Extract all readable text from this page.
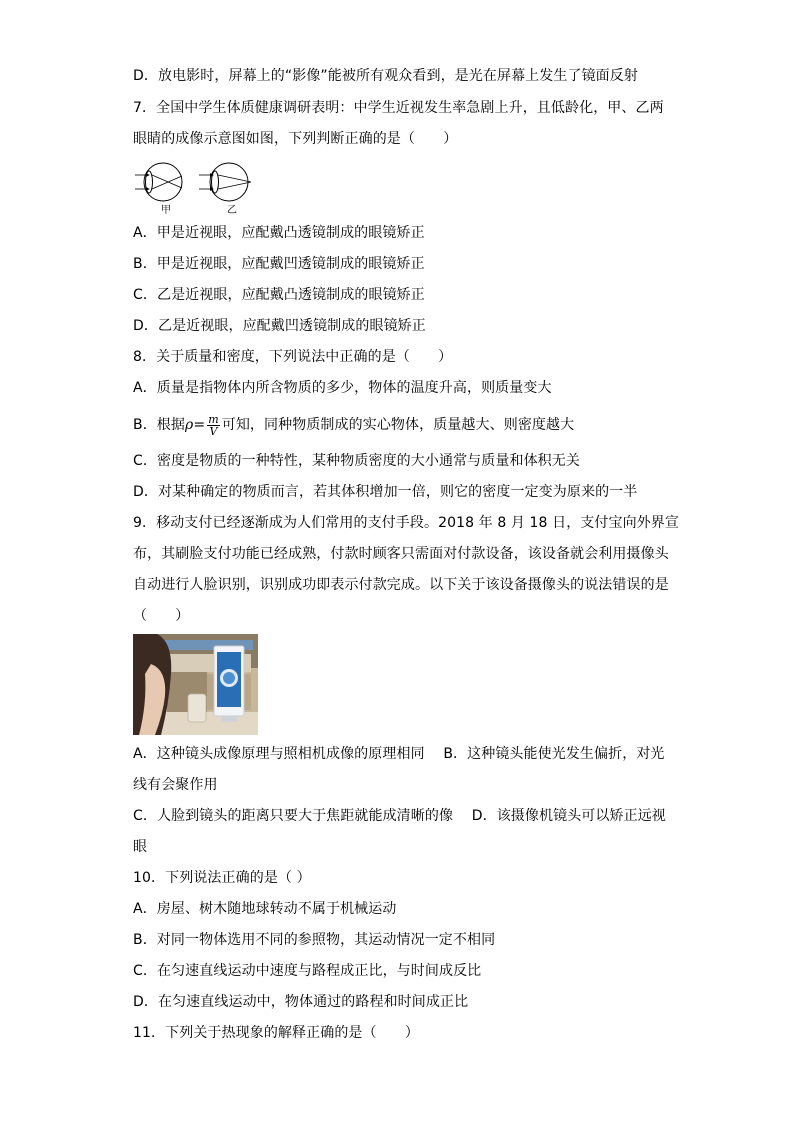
D．放电影时，屏幕上的“影像”能被所有观众看到，是光在屏幕上发生了镜面反射
7．全国中学生体质健康调研表明：中学生近视发生率急剧上升，且低龄化，甲、乙两
眼睛的成像示意图如图，下列判断正确的是（　　）
甲	乙
A．甲是近视眼，应配戴凸透镜制成的眼镜矫正
B．甲是近视眼，应配戴凹透镜制成的眼镜矫正
C．乙是近视眼，应配戴凸透镜制成的眼镜矫正
D．乙是近视眼，应配戴凹透镜制成的眼镜矫正
8．关于质量和密度，下列说法中正确的是（　　）
A．质量是指物体内所含物质的多少，物体的温度升高，则质量变大
B．根据$\rho= \frac{m}{V}$ 可知，同种物质制成的实心物体，质量越大、则密度越大
C．密度是物质的一种特性，某种物质密度的大小通常与质量和体积无关
D．对某种确定的物质而言，若其体积增加一倍，则它的密度一定变为原来的一半
9．移动支付已经逐渐成为人们常用的支付手段。2018 年 8 月 18 日，支付宝向外界宣
布，其刷脸支付功能已经成熟，付款时顾客只需面对付款设备，该设备就会利用摄像头
自动进行人脸识别，识别成功即表示付款完成。以下关于该设备摄像头的说法错误的是
（　　）
A．这种镜头成像原理与照相机成像的原理相同　 B．这种镜头能使光发生偏折，对光
线有会聚作用
C．人脸到镜头的距离只要大于焦距就能成清晰的像　 D．该摄像机镜头可以矫正远视
眼
10．下列说法正确的是（ ）
A．房屋、树木随地球转动不属于机械运动
B．对同一物体选用不同的参照物，其运动情况一定不相同
C．在匀速直线运动中速度与路程成正比，与时间成反比
D．在匀速直线运动中，物体通过的路程和时间成正比
11．下列关于热现象的解释正确的是（　　）
